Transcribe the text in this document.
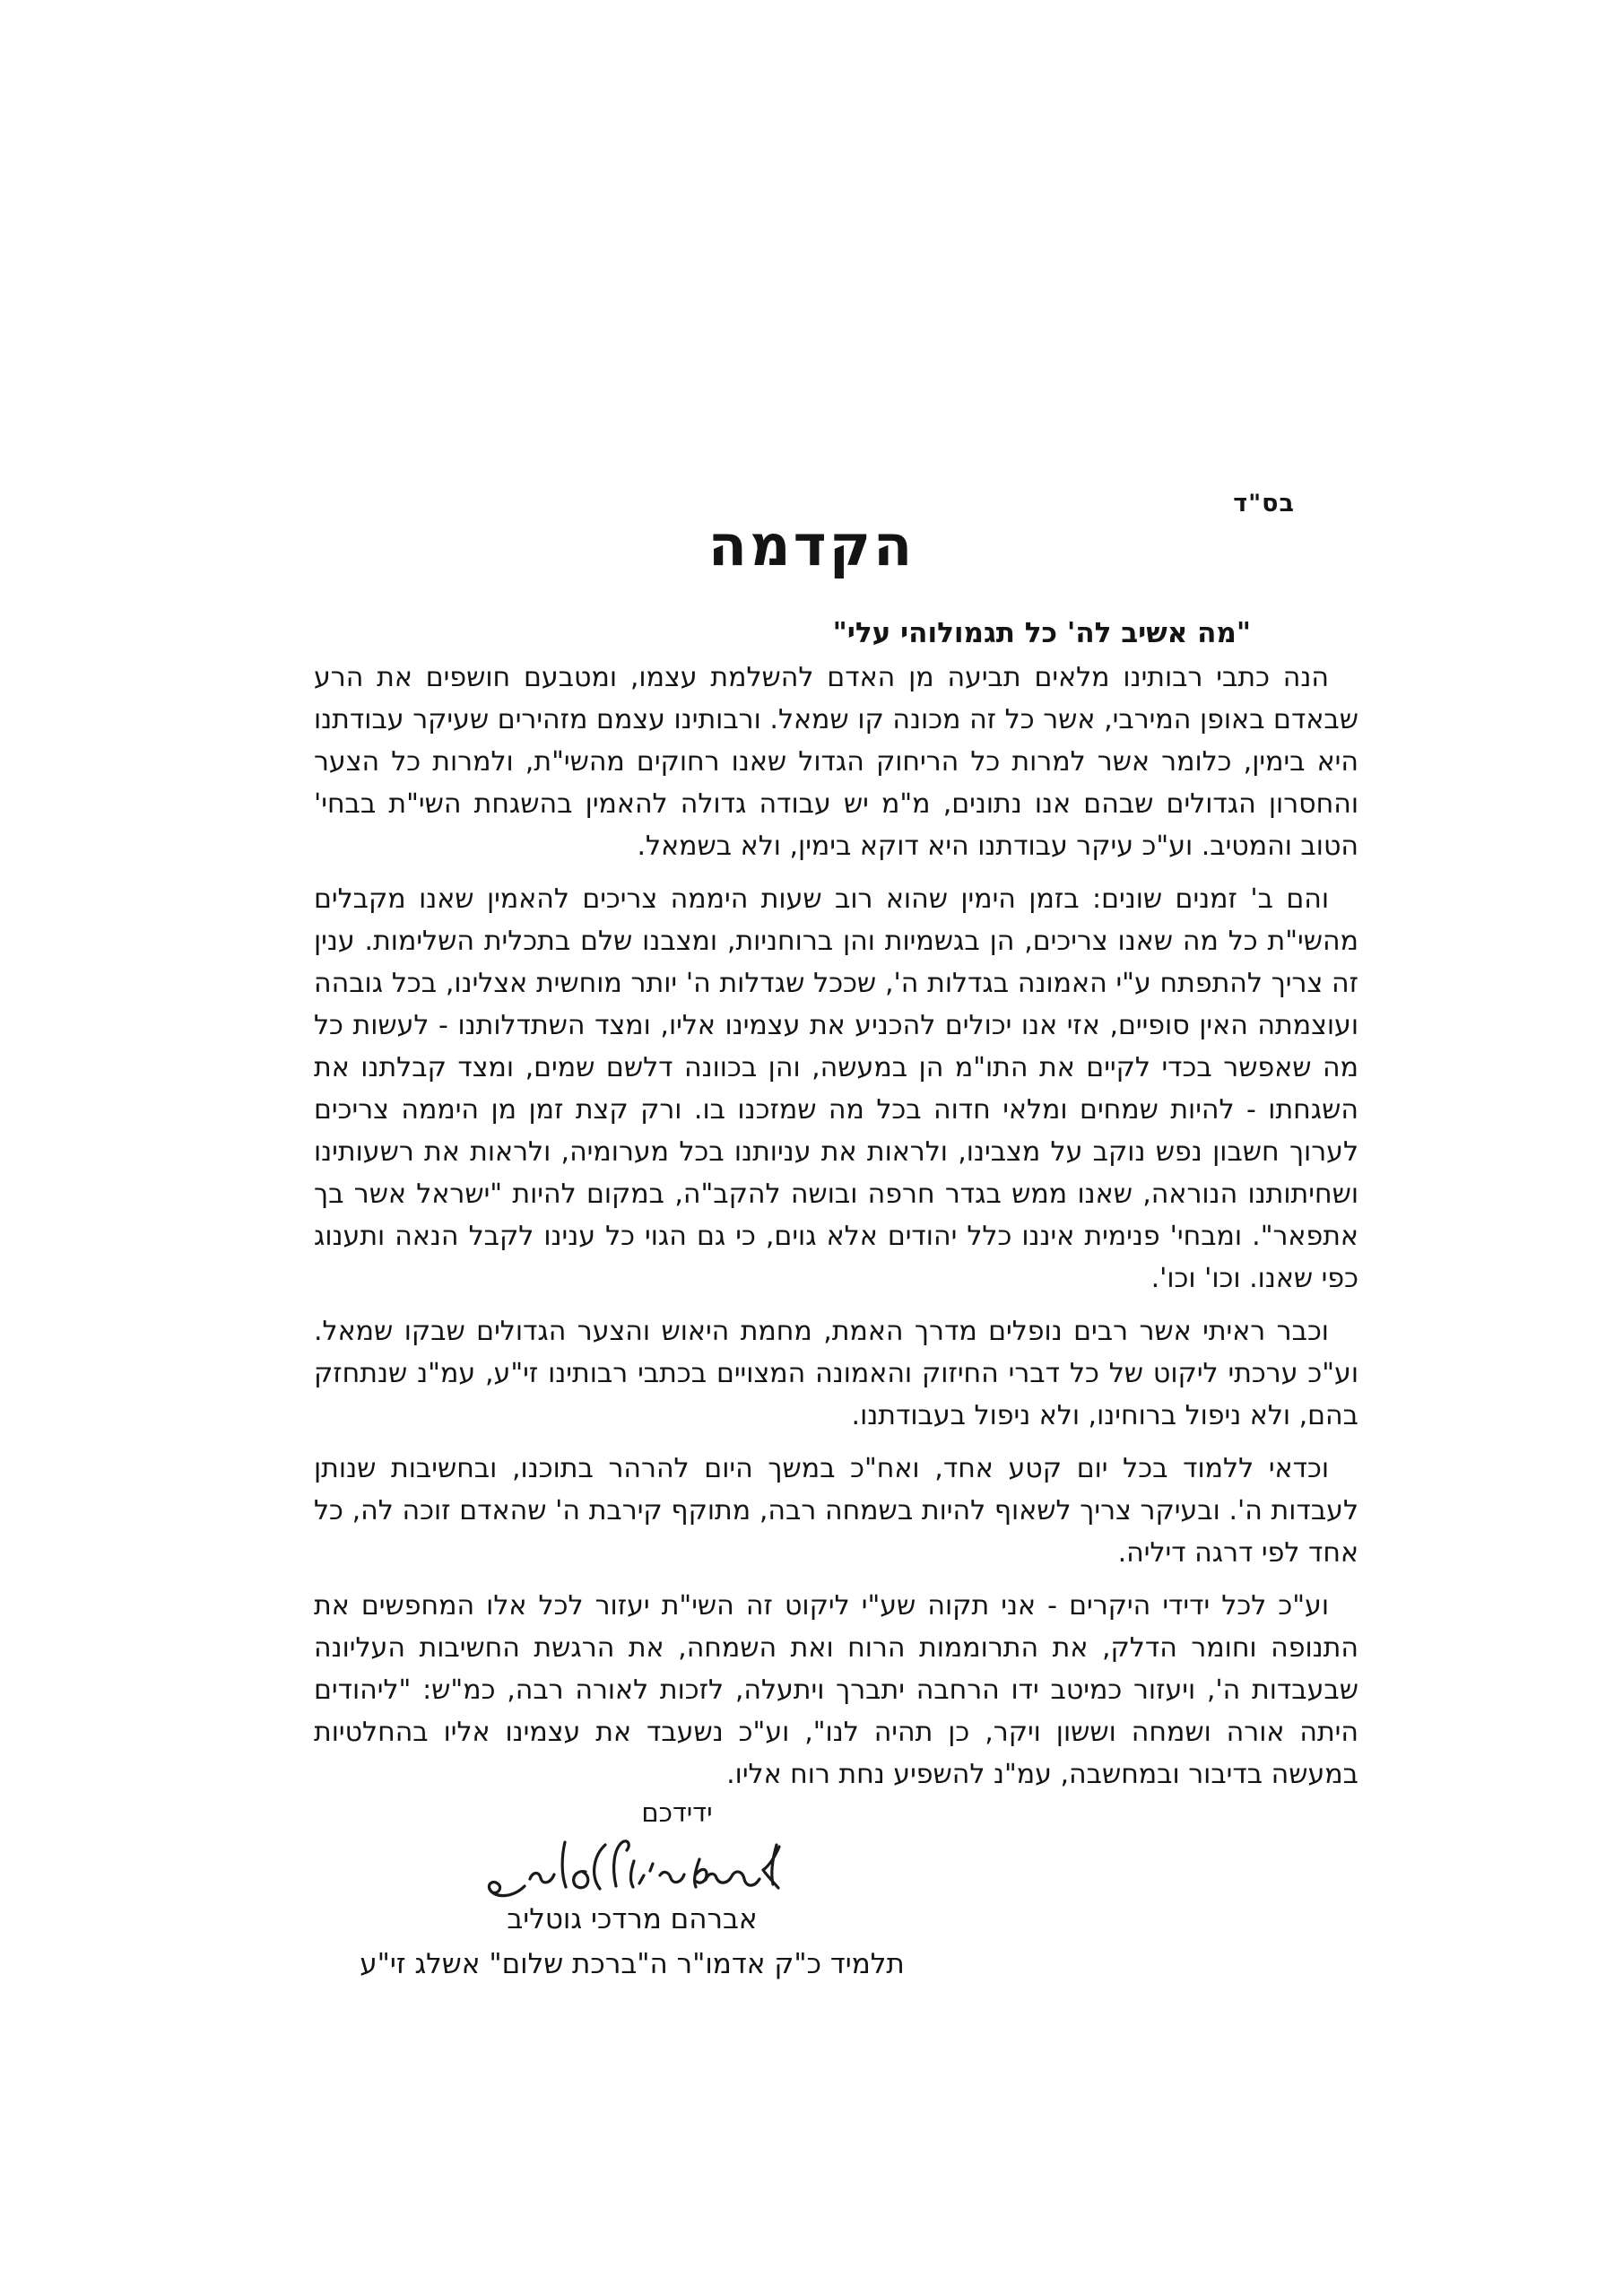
בס"ד
הקדמה
"מה אשיב לה' כל תגמולוהי עלי"

הנה כתבי רבותינו מלאים תביעה מן האדם להשלמת עצמו, ומטבעם חושפים את הרע שבאדם באופן המירבי, אשר כל זה מכונה קו שמאל. ורבותינו עצמם מזהירים שעיקר עבודתנו היא בימין, כלומר אשר למרות כל הריחוק הגדול שאנו רחוקים מהשי"ת, ולמרות כל הצער והחסרון הגדולים שבהם אנו נתונים, מ"מ יש עבודה גדולה להאמין בהשגחת השי"ת בבחי' הטוב והמטיב. וע"כ עיקר עבודתנו היא דוקא בימין, ולא בשמאל.

והם ב' זמנים שונים: בזמן הימין שהוא רוב שעות היממה צריכים להאמין שאנו מקבלים מהשי"ת כל מה שאנו צריכים, הן בגשמיות והן ברוחניות, ומצבנו שלם בתכלית השלימות. ענין זה צריך להתפתח ע"י האמונה בגדלות ה', שככל שגדלות ה' יותר מוחשית אצלינו, בכל גובהה ועוצמתה האין סופיים, אזי אנו יכולים להכניע את עצמינו אליו, ומצד השתדלותנו - לעשות כל מה שאפשר בכדי לקיים את התו"מ הן במעשה, והן בכוונה דלשם שמים, ומצד קבלתנו את השגחתו - להיות שמחים ומלאי חדוה בכל מה שמזכנו בו. ורק קצת זמן מן היממה צריכים לערוך חשבון נפש נוקב על מצבינו, ולראות את עניותנו בכל מערומיה, ולראות את רשעותינו ושחיתותנו הנוראה, שאנו ממש בגדר חרפה ובושה להקב"ה, במקום להיות "ישראל אשר בך אתפאר". ומבחי' פנימית איננו כלל יהודים אלא גוים, כי גם הגוי כל ענינו לקבל הנאה ותענוג כפי שאנו. וכו' וכו'.

וכבר ראיתי אשר רבים נופלים מדרך האמת, מחמת היאוש והצער הגדולים שבקו שמאל. וע"כ ערכתי ליקוט של כל דברי החיזוק והאמונה המצויים בכתבי רבותינו זי"ע, עמ"נ שנתחזק בהם, ולא ניפול ברוחינו, ולא ניפול בעבודתנו.

וכדאי ללמוד בכל יום קטע אחד, ואח"כ במשך היום להרהר בתוכנו, ובחשיבות שנותן לעבדות ה'. ובעיקר צריך לשאוף להיות בשמחה רבה, מתוקף קירבת ה' שהאדם זוכה לה, כל אחד לפי דרגה דיליה.

וע"כ לכל ידידי היקרים - אני תקוה שע"י ליקוט זה השי"ת יעזור לכל אלו המחפשים את התנופה וחומר הדלק, את התרוממות הרוח ואת השמחה, את הרגשת החשיבות העליונה שבעבדות ה', ויעזור כמיטב ידו הרחבה יתברך ויתעלה, לזכות לאורה רבה, כמ"ש: "ליהודים היתה אורה ושמחה וששון ויקר, כן תהיה לנו", וע"כ נשעבד את עצמינו אליו בהחלטיות במעשה בדיבור ובמחשבה, עמ"נ להשפיע נחת רוח אליו.

ידידכם
אברהם מרדכי גוטליב
תלמיד כ"ק אדמו"ר ה"ברכת שלום" אשלג זי"ע
